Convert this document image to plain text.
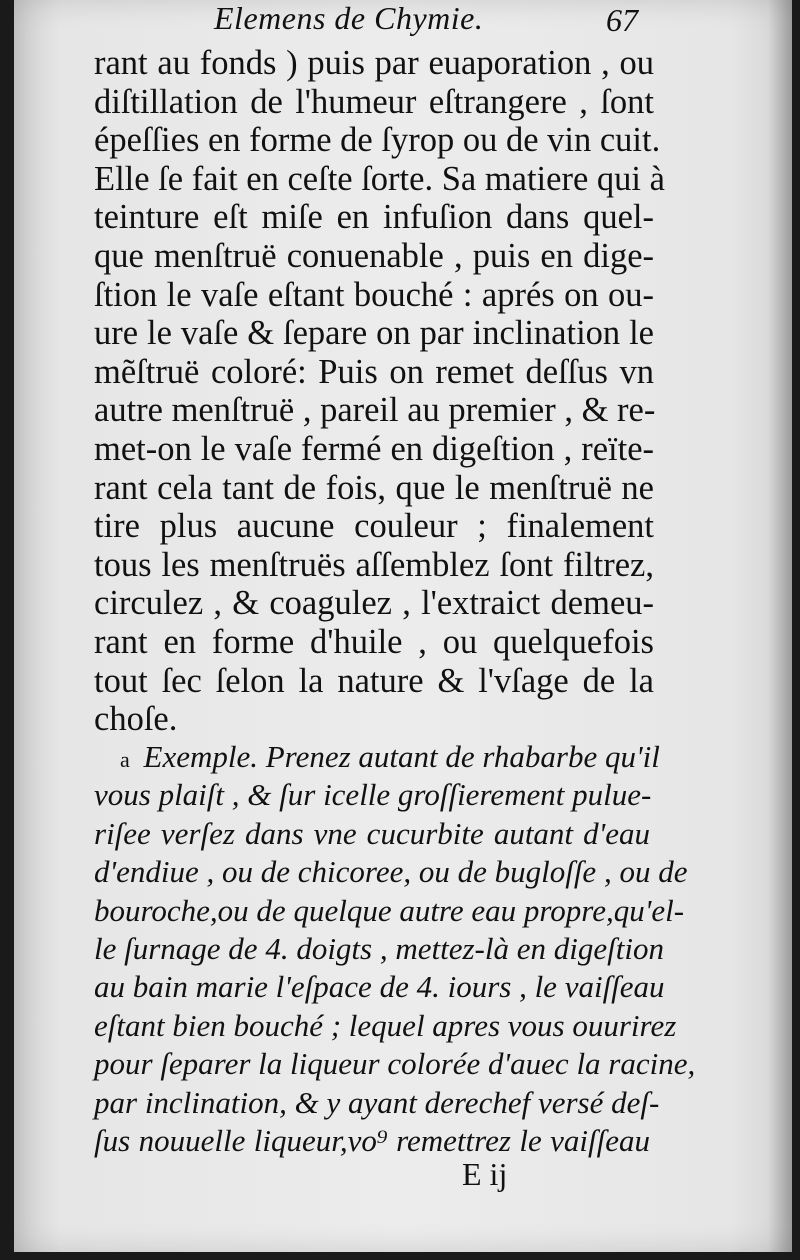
Elemens de Chymie.	67
rant au fonds ) puis par euaporation , ou
diſtillation de l'humeur eſtrangere , ſont
épeſſies en forme de ſyrop ou de vin cuit.
Elle ſe fait en ceſte ſorte. Sa matiere qui à
teinture eſt miſe en infuſion dans quel-
que menſtruë conuenable , puis en dige-
ſtion le vaſe eſtant bouché : aprés on ou-
ure le vaſe & ſepare on par inclination le
mẽſtruë coloré: Puis on remet deſſus vn
autre menſtruë , pareil au premier , & re-
met-on le vaſe fermé en digeſtion , reïte-
rant cela tant de fois, que le menſtruë ne
tire plus aucune couleur ; finalement
tous les menſtruës aſſemblez ſont filtrez,
circulez , & coagulez , l'extraict demeu-
rant en forme d'huile , ou quelquefois
tout ſec ſelon la nature & l'vſage de la
choſe.
a Exemple. Prenez autant de rhabarbe qu'il
vous plaiſt , & ſur icelle groſſierement pulue-
riſee verſez dans vne cucurbite autant d'eau
d'endiue , ou de chicoree, ou de bugloſſe , ou de
bouroche,ou de quelque autre eau propre,qu'el-
le ſurnage de 4. doigts , mettez-là en digeſtion
au bain marie l'eſpace de 4. iours , le vaiſſeau
eſtant bien bouché ; lequel apres vous ouurirez
pour ſeparer la liqueur colorée d'auec la racine,
par inclination, & y ayant derechef versé deſ-
ſus nouuelle liqueur,vo⁹ remettrez le vaiſſeau
E ij
